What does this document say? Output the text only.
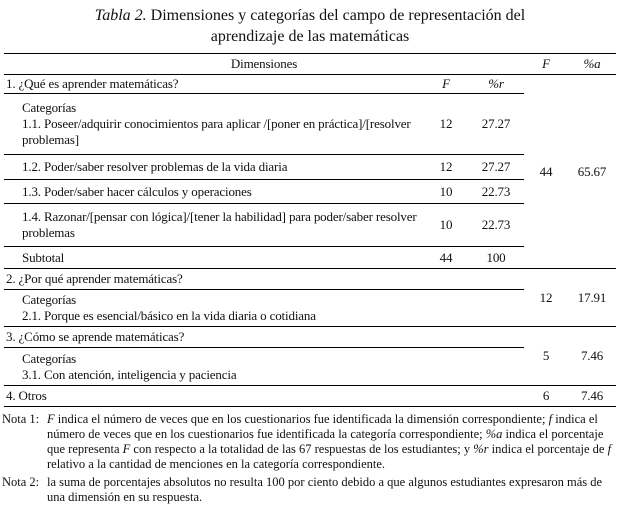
Tabla 2. Dimensiones y categorías del campo de representación del aprendizaje de las matemáticas
Dimensiones			F	%a
1. ¿Qué es aprender matemáticas?	F	%r	44	65.67

Categorías
1.1. Poseer/adquirir conocimientos para aplicar /[poner en práctica]/[resolver problemas]	12	27.27		
1.2. Poder/saber resolver problemas de la vida diaria	12	27.27		
1.3. Poder/saber hacer cálculos y operaciones	10	22.73		
1.4. Razonar/[pensar con lógica]/[tener la habilidad] para poder/saber resolver problemas	10	22.73		
Subtotal	44	100		
2. ¿Por qué aprender matemáticas?			12	17.91

Categorías
2.1. Porque es esencial/básico en la vida diaria o cotidiana				

3. ¿Cómo se aprende matemáticas?			5	7.46

Categorías
3.1. Con atención, inteligencia y paciencia				

4. Otros			6	7.46
Nota 1: F indica el número de veces que en los cuestionarios fue identificada la dimensión correspondiente; f indica el número de veces que en los cuestionarios fue identificada la categoría correspondiente; %a indica el porcentaje que representa F con respecto a la totalidad de las 67 respuestas de los estudiantes; y %r indica el porcentaje de f relativo a la cantidad de menciones en la categoría correspondiente.
Nota 2: la suma de porcentajes absolutos no resulta 100 por ciento debido a que algunos estudiantes expresaron más de una dimensión en su respuesta.
